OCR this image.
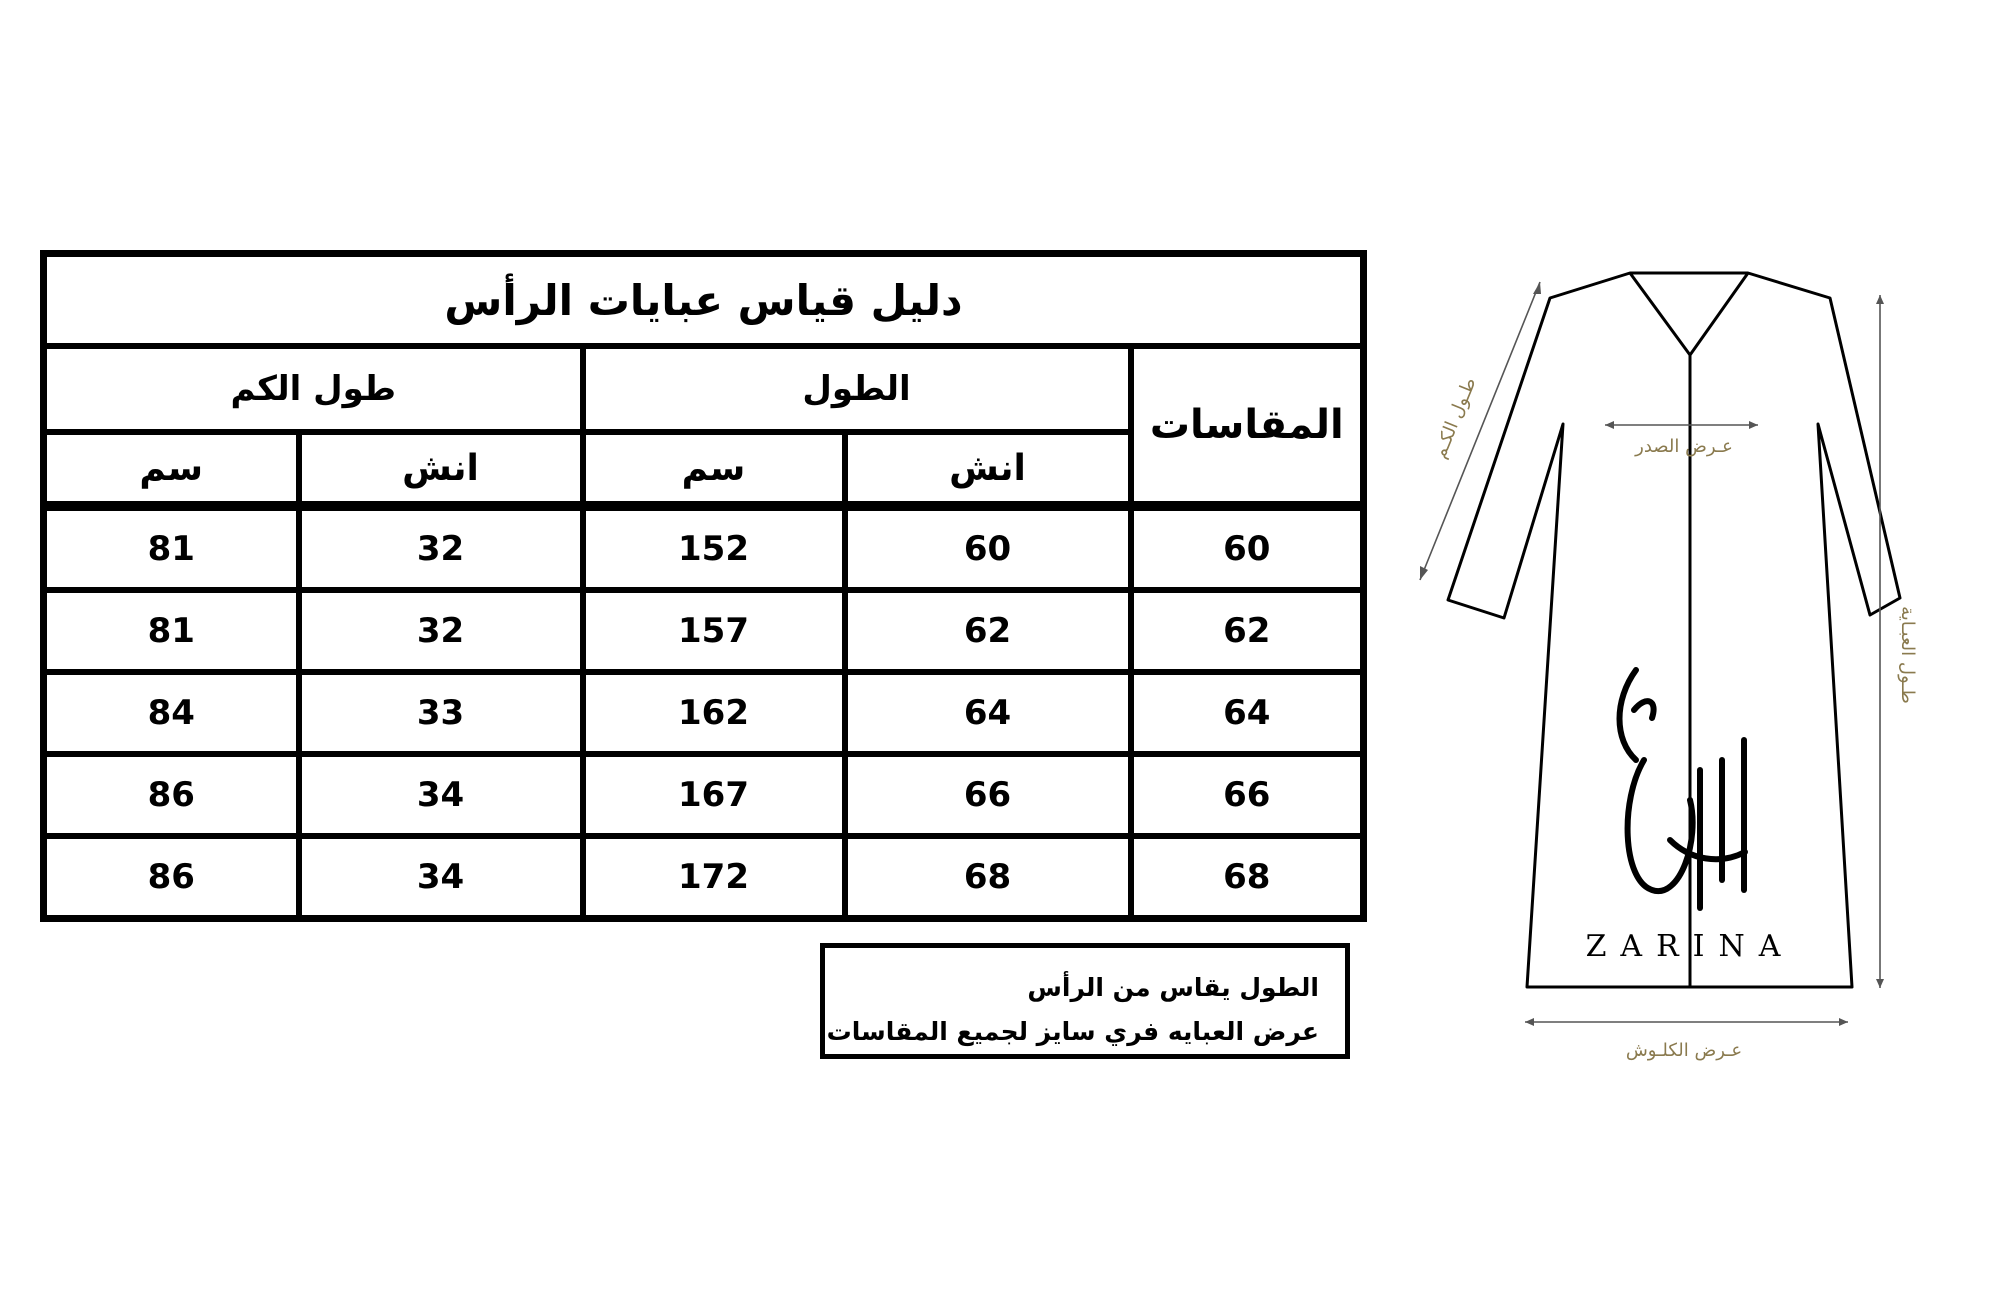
دليل قياس عبايات الرأس				
طول الكم		الطول		المقاسات
سم	انش	سم	انش	
81	32	152	60	60
81	32	157	62	62
84	33	162	64	64
86	34	167	66	66
86	34	172	68	68

الطول يقاس من الرأس

عرض العبايه فري سايز لجميع المقاسات

ZARINA
طـول الكـم	عـرض الصدر
طـول العبـاية
عـرض الكلـوش
